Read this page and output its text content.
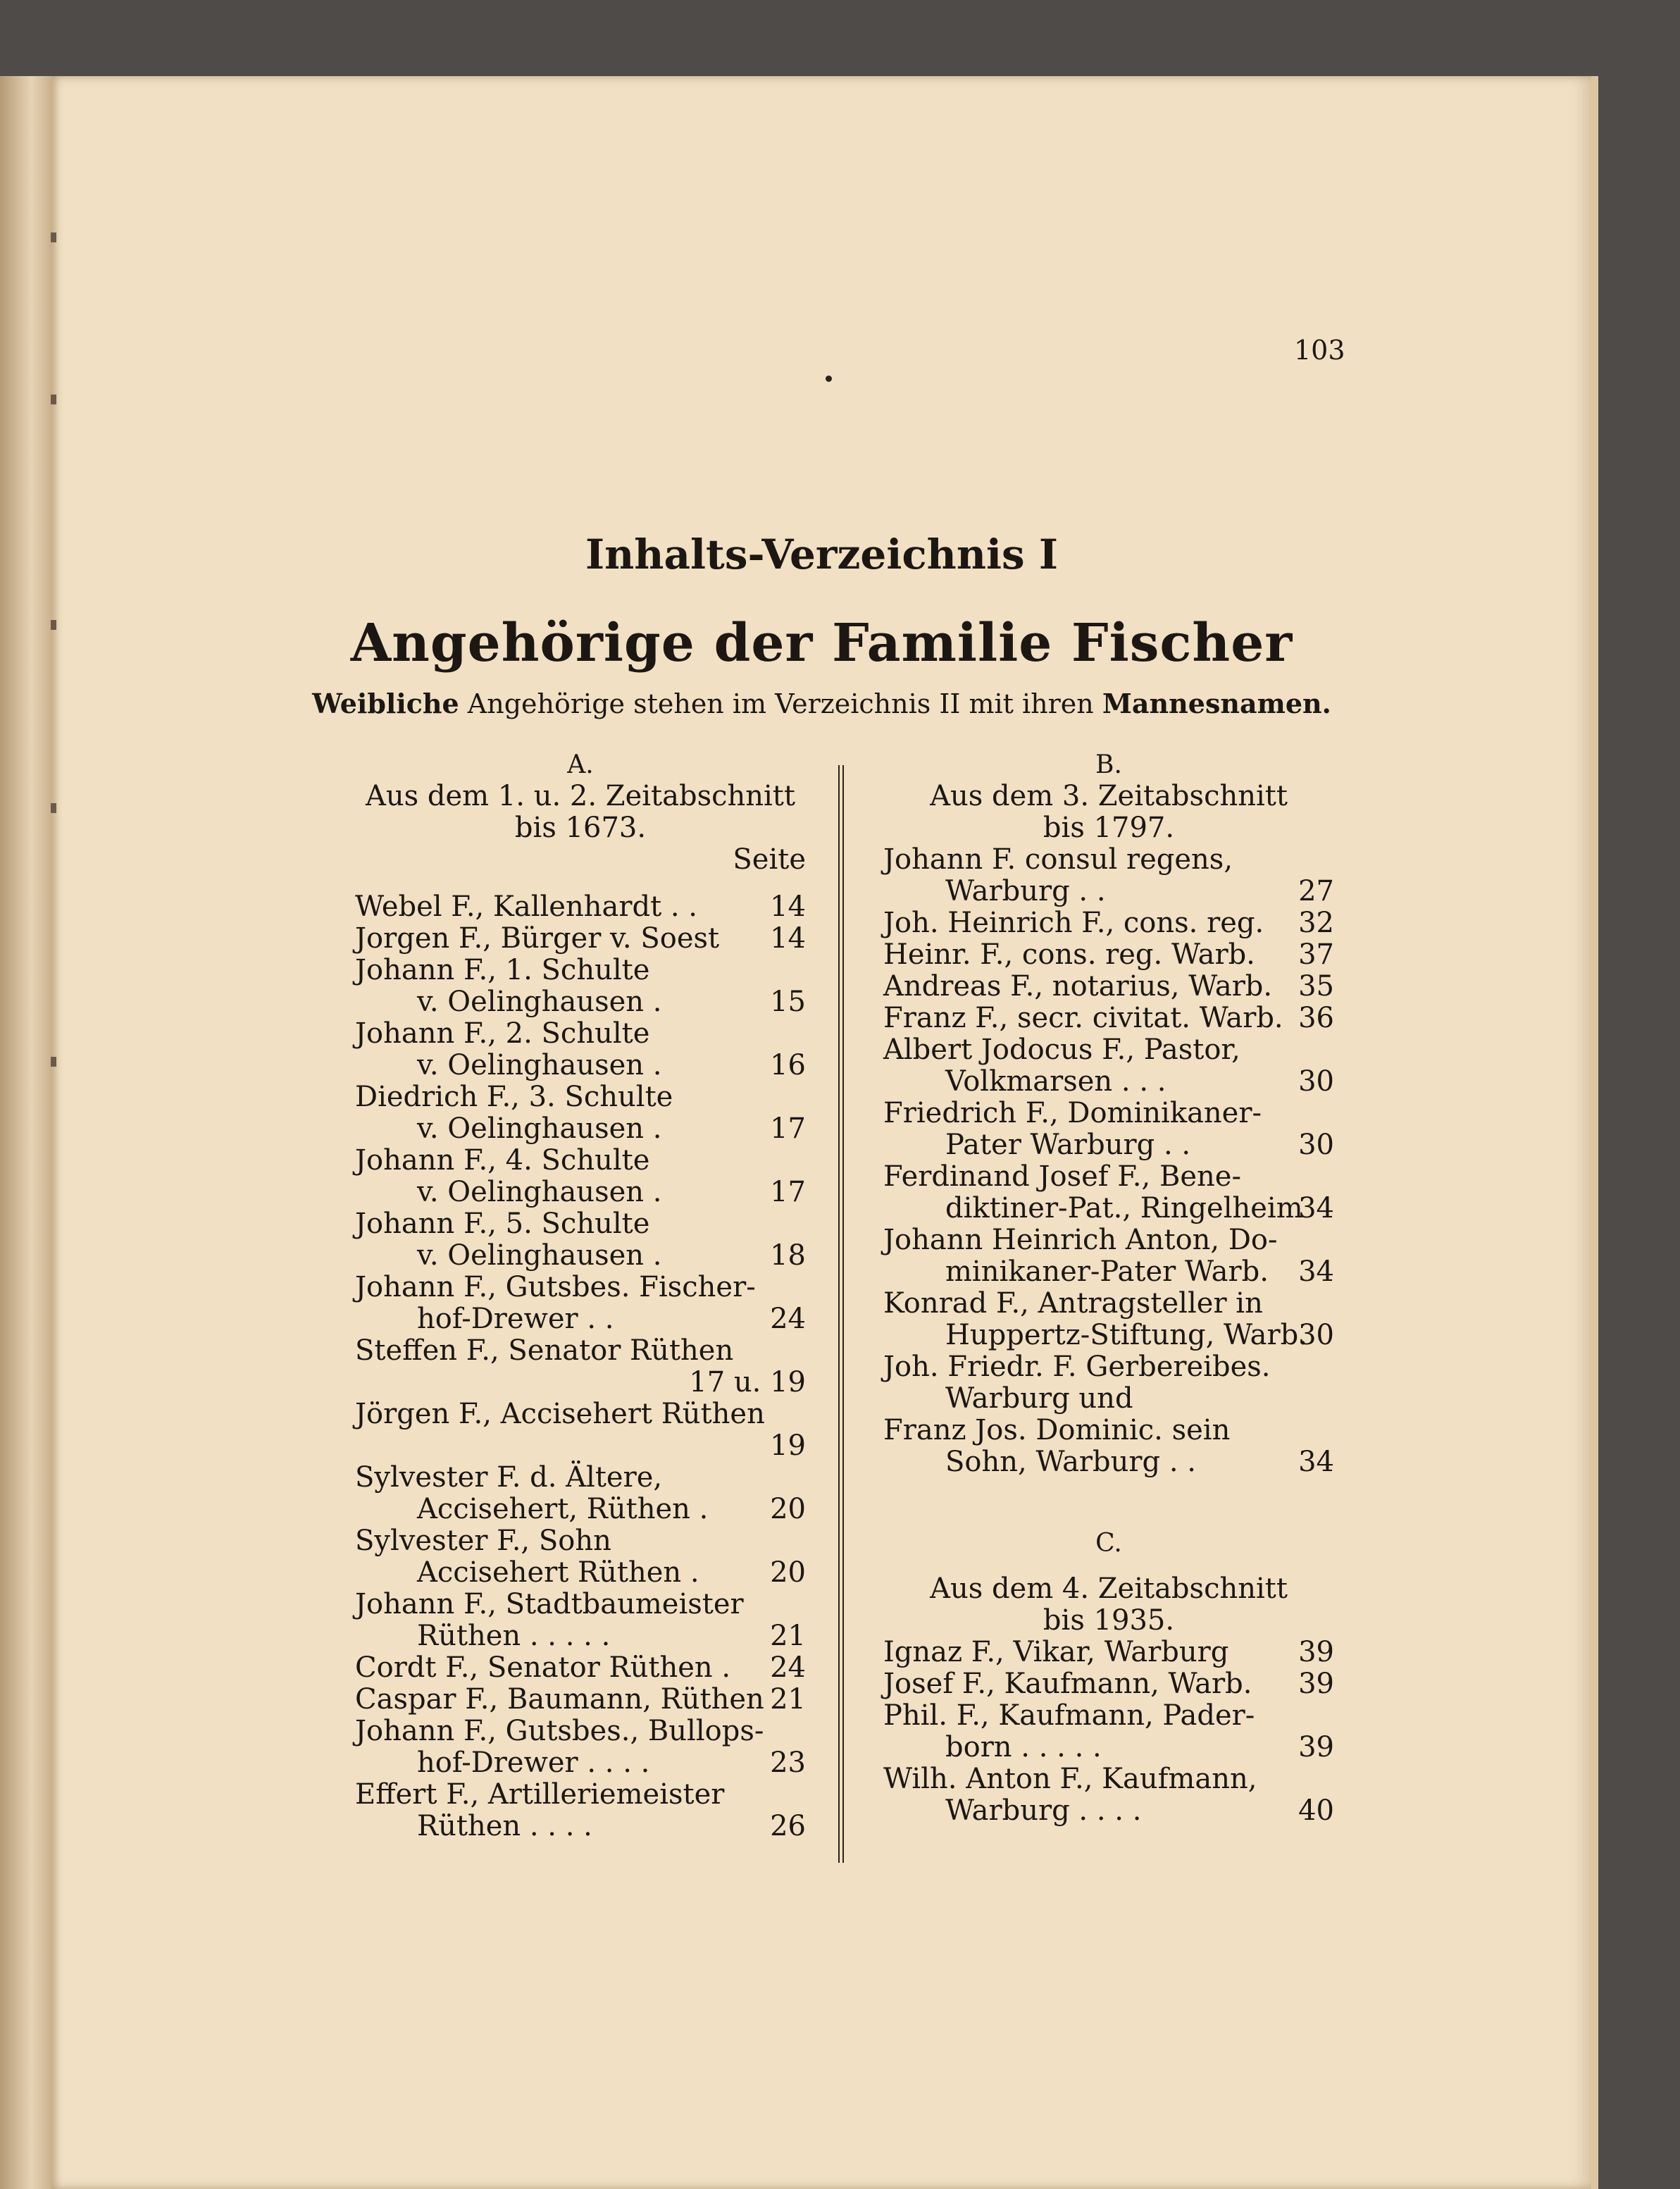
103
Inhalts-Verzeichnis I
Angehörige der Familie Fischer
Weibliche Angehörige stehen im Verzeichnis II mit ihren Mannesnamen.
A.
Aus dem 1. u. 2. Zeitabschnitt
bis 1673.
Seite
Webel F., Kallenhardt . .	14
Jorgen F., Bürger v. Soest 14
Johann F., 1. Schulte
v. Oelinghausen .	15
Johann F., 2. Schulte
v. Oelinghausen .	16
Diedrich F., 3. Schulte
v. Oelinghausen .	17
Johann F., 4. Schulte
v. Oelinghausen .	17
Johann F., 5. Schulte
v. Oelinghausen .	18
Johann F., Gutsbes. Fischer-
hof-Drewer . .	24
Steffen F., Senator Rüthen

17 u. 19
Jörgen F., Accisehert Rüthen

19
Sylvester F. d. Ältere,
Accisehert, Rüthen . 20
Sylvester F., Sohn
Accisehert Rüthen .	20
Johann F., Stadtbaumeister
Rüthen . . . . .	21
Cordt F., Senator Rüthen . 24
Caspar F., Baumann, Rüthen 21
Johann F., Gutsbes., Bullops-
hof-Drewer . . . .	23
Effert F., Artilleriemeister
Rüthen . . . .	26
B.
Aus dem 3. Zeitabschnitt
bis 1797.
Johann F. consul regens,
Warburg . .	27
Joh. Heinrich F., cons. reg. 32
Heinr. F., cons. reg. Warb. 37
Andreas F., notarius, Warb. 35
Franz F., secr. civitat. Warb. 36
Albert Jodocus F., Pastor,
Volkmarsen . . .	30
Friedrich F., Dominikaner-
Pater Warburg . .	30
Ferdinand Josef F., Bene-
diktiner-Pat., Ringelheim
34
Johann Heinrich Anton, Do-
minikaner-Pater Warb. 34
Konrad F., Antragsteller in
Huppertz-Stiftung, Warb.
30
Joh. Friedr. F. Gerbereibes.
Warburg und
Franz Jos. Dominic. sein
Sohn, Warburg . .	34
C.
Aus dem 4. Zeitabschnitt
bis 1935.
Ignaz F., Vikar, Warburg 39
Josef F., Kaufmann, Warb. 39
Phil. F., Kaufmann, Pader-
born . . . . .	39
Wilh. Anton F., Kaufmann,
Warburg . . . .	40
